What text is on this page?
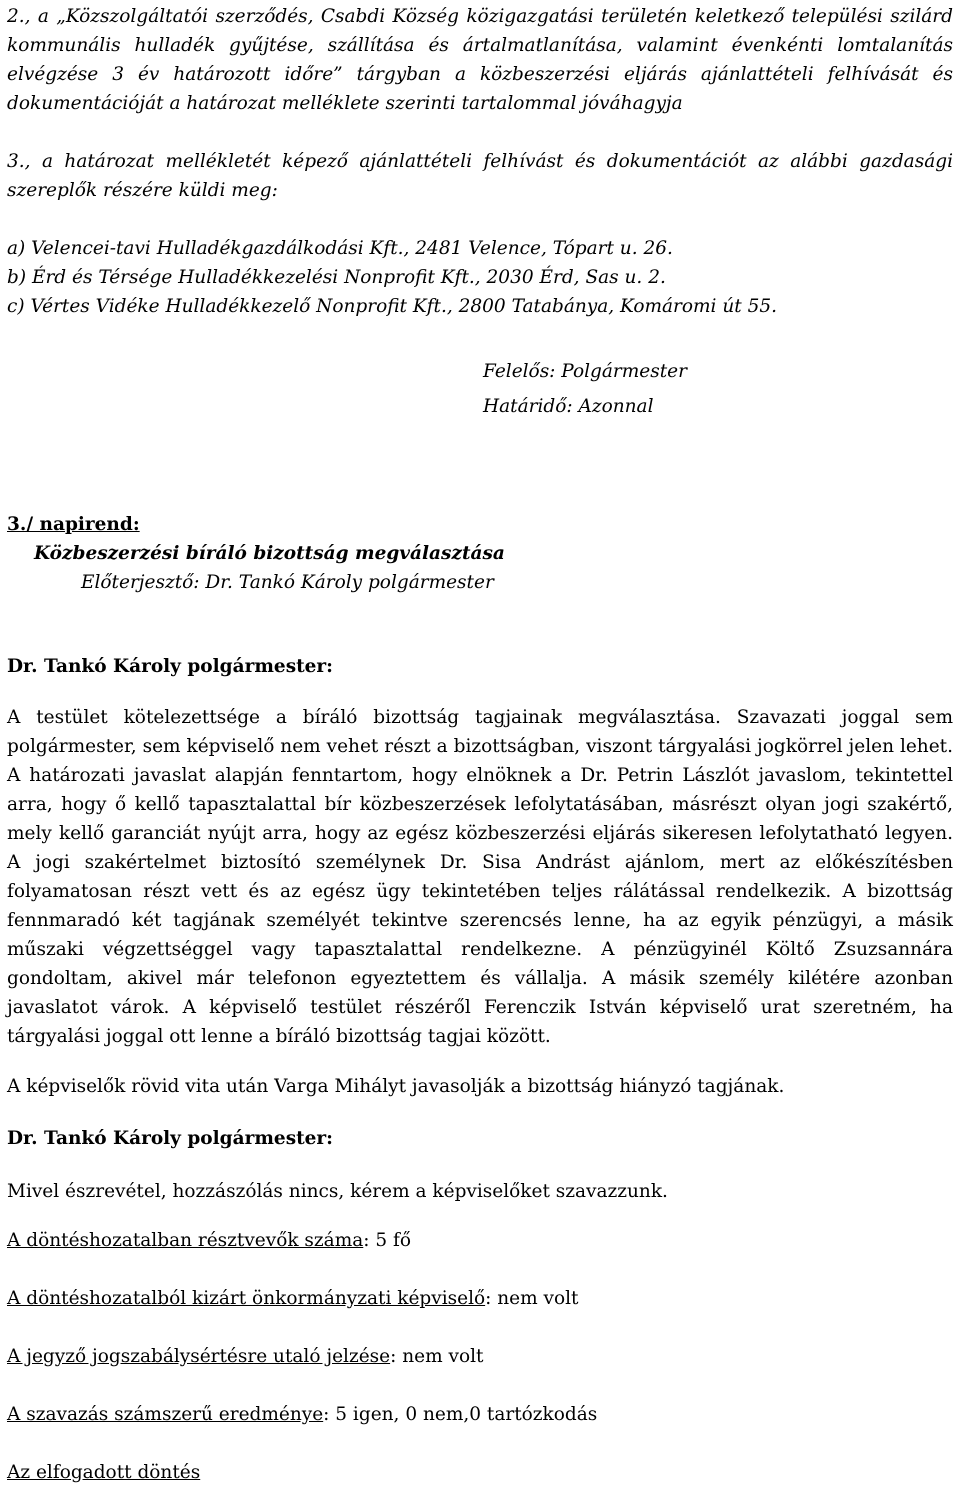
2., a „Közszolgáltatói szerződés, Csabdi Község közigazgatási területén keletkező települési szilárd kommunális hulladék gyűjtése, szállítása és ártalmatlanítása, valamint évenkénti lomtalanítás elvégzése 3 év határozott időre” tárgyban a közbeszerzési eljárás ajánlattételi felhívását és dokumentációját a határozat melléklete szerinti tartalommal jóváhagyja

3., a határozat mellékletét képező ajánlattételi felhívást és dokumentációt az alábbi gazdasági szereplők részére küldi meg:

a) Velencei-tavi Hulladékgazdálkodási Kft., 2481 Velence, Tópart u. 26.
b) Érd és Térsége Hulladékkezelési Nonprofit Kft., 2030 Érd, Sas u. 2.
c) Vértes Vidéke Hulladékkezelő Nonprofit Kft., 2800 Tatabánya, Komáromi út 55.
Felelős: Polgármester
Határidő: Azonnal
3./ napirend:
Közbeszerzési bíráló bizottság megválasztása
Előterjesztő: Dr. Tankó Károly polgármester

Dr. Tankó Károly polgármester:

A testület kötelezettsége a bíráló bizottság tagjainak megválasztása. Szavazati joggal sem polgármester, sem képviselő nem vehet részt a bizottságban, viszont tárgyalási jogkörrel jelen lehet. A határozati javaslat alapján fenntartom, hogy elnöknek a Dr. Petrin Lászlót javaslom, tekintettel arra, hogy ő kellő tapasztalattal bír közbeszerzések lefolytatásában, másrészt olyan jogi szakértő, mely kellő garanciát nyújt arra, hogy az egész közbeszerzési eljárás sikeresen lefolytatható legyen. A jogi szakértelmet biztosító személynek Dr. Sisa Andrást ajánlom, mert az előkészítésben folyamatosan részt vett és az egész ügy tekintetében teljes rálátással rendelkezik. A bizottság fennmaradó két tagjának személyét tekintve szerencsés lenne, ha az egyik pénzügyi, a másik műszaki végzettséggel vagy tapasztalattal rendelkezne. A pénzügyinél Költő Zsuzsannára gondoltam, akivel már telefonon egyeztettem és vállalja. A másik személy kilétére azonban javaslatot várok. A képviselő testület részéről Ferenczik István képviselő urat szeretném, ha tárgyalási joggal ott lenne a bíráló bizottság tagjai között.

A képviselők rövid vita után Varga Mihályt javasolják a bizottság hiányzó tagjának.

Dr. Tankó Károly polgármester:

Mivel észrevétel, hozzászólás nincs, kérem a képviselőket szavazzunk.

A döntéshozatalban résztvevők száma: 5 fő

A döntéshozatalból kizárt önkormányzati képviselő: nem volt

A jegyző jogszabálysértésre utaló jelzése: nem volt

A szavazás számszerű eredménye: 5 igen, 0 nem,0 tartózkodás

Az elfogadott döntés
